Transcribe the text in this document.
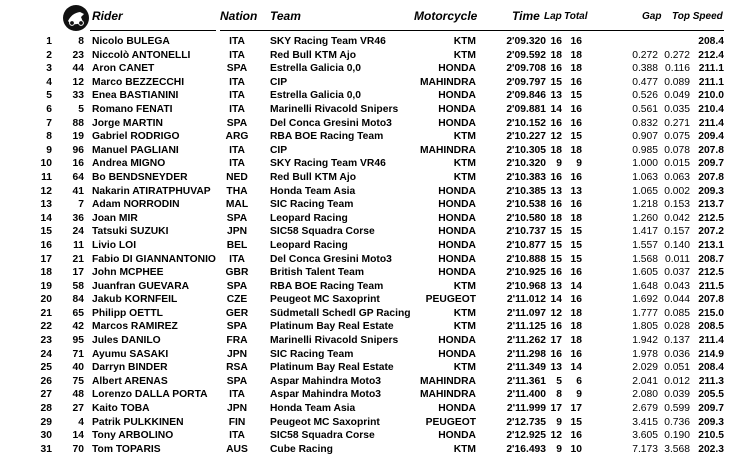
Rider	Nation Team	Motorcycle	Time Lap Total	Gap Top Speed
1	8 Nicolo BULEGA	ITA	SKY Racing Team VR46	KTM	2'09.320 16 16	208.4
2	23 Niccolò ANTONELLI	ITA	Red Bull KTM Ajo	KTM	2'09.592 18 18	0.272 0.272 212.4
3	44 Aron CANET	SPA Estrella Galicia 0,0	HONDA	2'09.708 16 18	0.388 0.116 211.1
4	12 Marco BEZZECCHI	ITA	CIP	MAHINDRA	2'09.797 15 16	0.477 0.089 211.1
5	33 Enea BASTIANINI	ITA	Estrella Galicia 0,0	HONDA	2'09.846 13 15	0.526 0.049 210.0
6	5 Romano FENATI	ITA	Marinelli Rivacold Snipers	HONDA	2'09.881 14 16	0.561 0.035 210.4
7	88 Jorge MARTIN	SPA Del Conca Gresini Moto3	HONDA	2'10.152 16 16	0.832 0.271 211.4
8	19 Gabriel RODRIGO	ARG RBA BOE Racing Team	KTM	2'10.227 12 15	0.907 0.075 209.4
9	96 Manuel PAGLIANI	ITA	CIP	MAHINDRA	2'10.305 18 18	0.985 0.078 207.8
10	16 Andrea MIGNO	ITA	SKY Racing Team VR46	KTM	2'10.320 9	9	1.000 0.015 209.7
11	64 Bo BENDSNEYDER	NED Red Bull KTM Ajo	KTM	2'10.383 16 16	1.063 0.063 207.8
12	41 Nakarin ATIRATPHUVAP THA Honda Team Asia	HONDA	2'10.385 13 13	1.065 0.002 209.3
13	7 Adam NORRODIN	MAL SIC Racing Team	HONDA	2'10.538 16 16	1.218 0.153 213.7
14	36 Joan MIR	SPA Leopard Racing	HONDA	2'10.580 18 18	1.260 0.042 212.5
15	24 Tatsuki SUZUKI	JPN SIC58 Squadra Corse	HONDA	2'10.737 15 15	1.417 0.157 207.2
16	11 Livio LOI	BEL Leopard Racing	HONDA	2'10.877 15 15	1.557 0.140 213.1
17	21 Fabio DI GIANNANTONIO	ITA	Del Conca Gresini Moto3	HONDA	2'10.888 15 15	1.568 0.011 208.7
18	17 John MCPHEE	GBR British Talent Team	HONDA	2'10.925 16 16	1.605 0.037 212.5
19	58 Juanfran GUEVARA	SPA RBA BOE Racing Team	KTM	2'10.968 13 14	1.648 0.043 211.5
20	84 Jakub KORNFEIL	CZE Peugeot MC Saxoprint	PEUGEOT	2'11.012 14 16	1.692 0.044 207.8
21	65 Philipp OETTL	GER Südmetall Schedl GP Racing	KTM	2'11.097 12 18	1.777 0.085 215.0
22	42 Marcos RAMIREZ	SPA Platinum Bay Real Estate	KTM	2'11.125 16 18	1.805 0.028 208.5
23	95 Jules DANILO	FRA Marinelli Rivacold Snipers	HONDA	2'11.262 17 18	1.942 0.137 211.4
24	71 Ayumu SASAKI	JPN SIC Racing Team	HONDA	2'11.298 16 16	1.978 0.036 214.9
25	40 Darryn BINDER	RSA Platinum Bay Real Estate	KTM	2'11.349 13 14	2.029 0.051 208.4
26	75 Albert ARENAS	SPA Aspar Mahindra Moto3	MAHINDRA	2'11.361 5	6	2.041 0.012 211.3
27	48 Lorenzo DALLA PORTA	ITA	Aspar Mahindra Moto3	MAHINDRA	2'11.400 8	9	2.080 0.039 205.5
28	27 Kaito TOBA	JPN Honda Team Asia	HONDA	2'11.999 17 17	2.679 0.599 209.7
29	4 Patrik PULKKINEN	FIN	Peugeot MC Saxoprint	PEUGEOT	2'12.735 9 15	3.415 0.736 209.3
30	14 Tony ARBOLINO	ITA	SIC58 Squadra Corse	HONDA	2'12.925 12 16	3.605 0.190 210.5
31	70 Tom TOPARIS	AUS Cube Racing	KTM	2'16.493 9 10	7.173 3.568 202.3
